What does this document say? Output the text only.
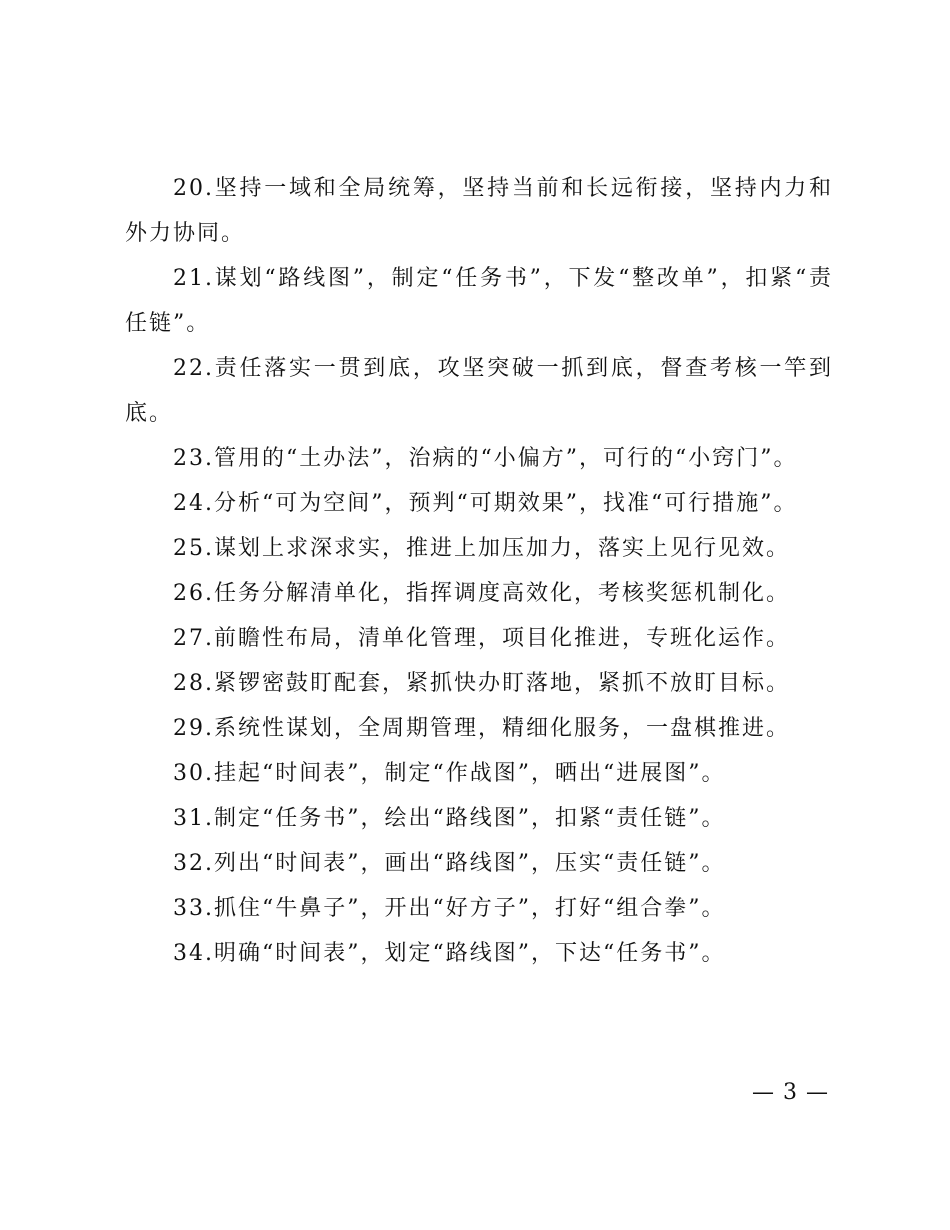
20.坚持一域和全局统筹，坚持当前和长远衔接，坚持内力和外力协同。

21.谋划“路线图”，制定“任务书”，下发“整改单”，扣紧“责任链”。

22.责任落实一贯到底，攻坚突破一抓到底，督查考核一竿到底。

23.管用的“土办法”，治病的“小偏方”，可行的“小窍门”。

24.分析“可为空间”，预判“可期效果”，找准“可行措施”。

25.谋划上求深求实，推进上加压加力，落实上见行见效。

26.任务分解清单化，指挥调度高效化，考核奖惩机制化。

27.前瞻性布局，清单化管理，项目化推进，专班化运作。

28.紧锣密鼓盯配套，紧抓快办盯落地，紧抓不放盯目标。

29.系统性谋划，全周期管理，精细化服务，一盘棋推进。

30.挂起“时间表”，制定“作战图”，晒出“进展图”。

31.制定“任务书”，绘出“路线图”，扣紧“责任链”。

32.列出“时间表”，画出“路线图”，压实“责任链”。

33.抓住“牛鼻子”，开出“好方子”，打好“组合拳”。

34.明确“时间表”，划定“路线图”，下达“任务书”。

— 3 —
